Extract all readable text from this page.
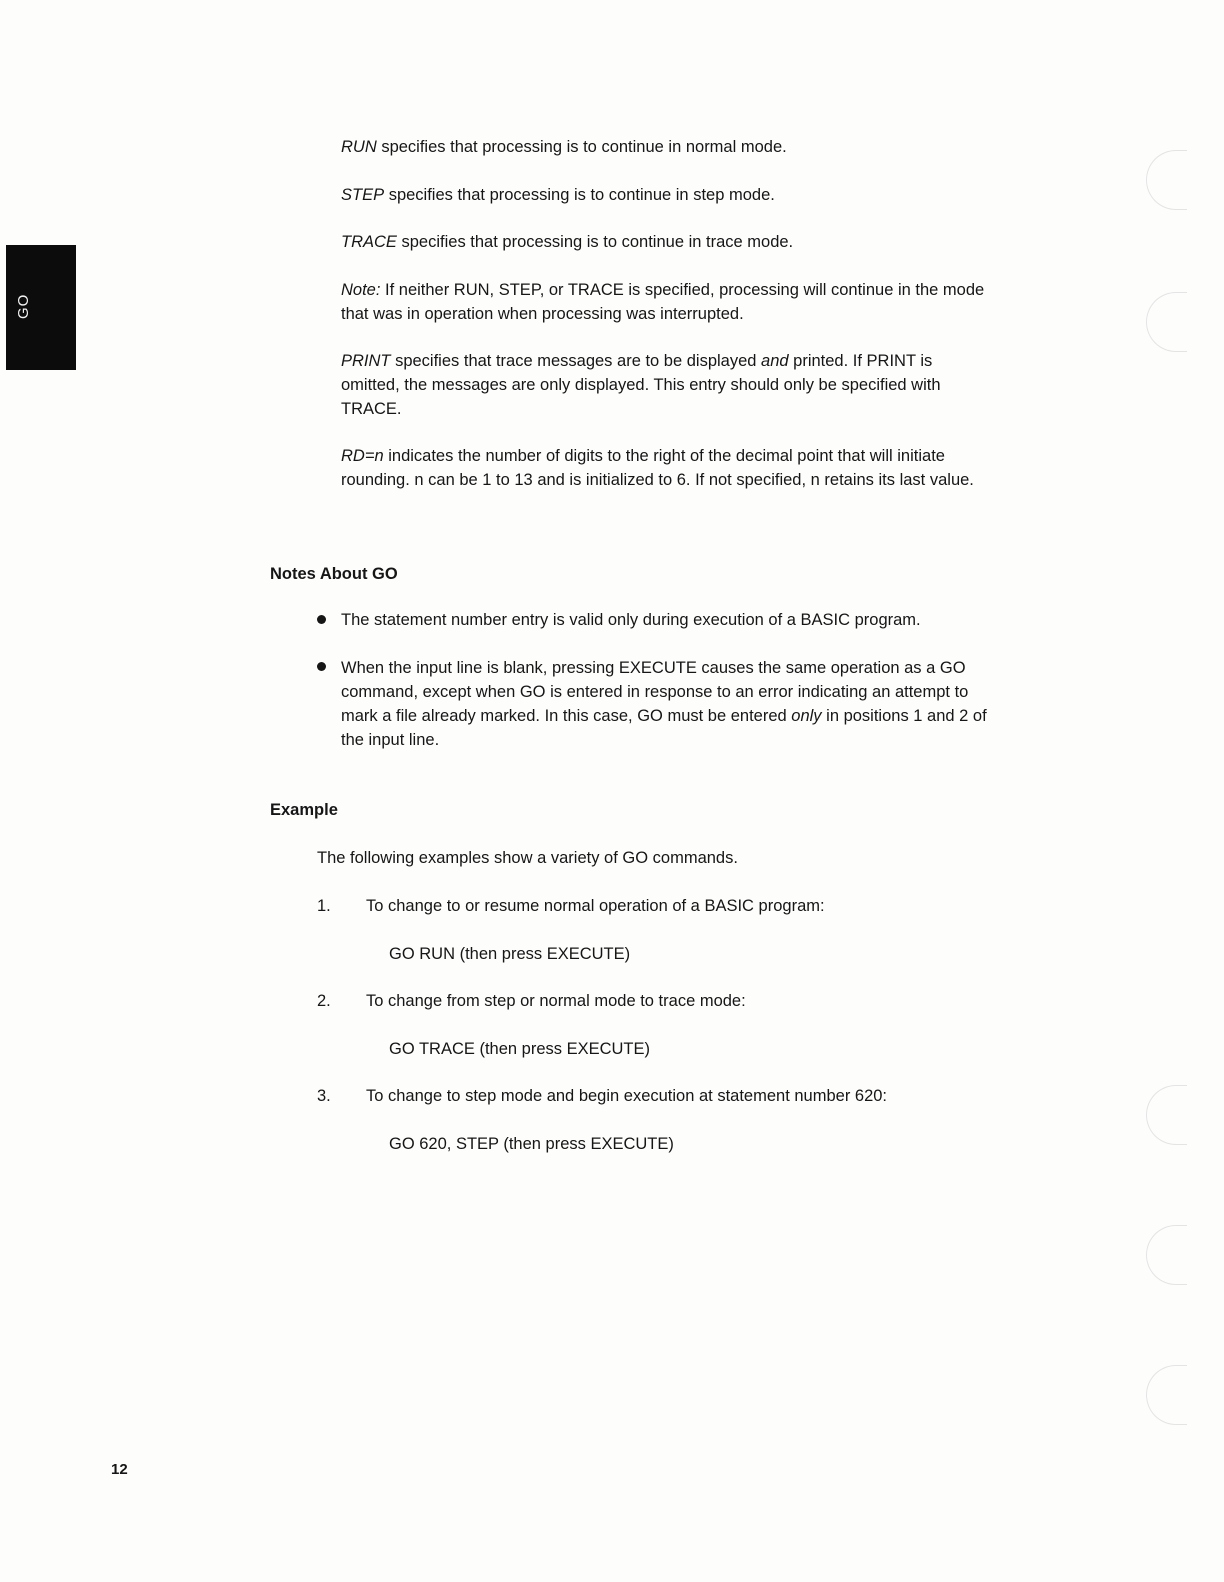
GO

RUN specifies that processing is to continue in normal mode.

STEP specifies that processing is to continue in step mode.

TRACE specifies that processing is to continue in trace mode.

Note: If neither RUN, STEP, or TRACE is specified, processing will continue in the mode that was in operation when processing was interrupted.

PRINT specifies that trace messages are to be displayed and printed. If PRINT is omitted, the messages are only displayed. This entry should only be specified with TRACE.

RD=n indicates the number of digits to the right of the decimal point that will initiate rounding. n can be 1 to 13 and is initialized to 6. If not specified, n retains its last value.

Notes About GO

The statement number entry is valid only during execution of a BASIC program.

When the input line is blank, pressing EXECUTE causes the same operation as a GO command, except when GO is entered in response to an error indicating an attempt to mark a file already marked. In this case, GO must be entered only in positions 1 and 2 of the input line.

Example
The following examples show a variety of GO commands.
1. To change to or resume normal operation of a BASIC program:
GO RUN (then press EXECUTE)
2. To change from step or normal mode to trace mode:
GO TRACE (then press EXECUTE)
3. To change to step mode and begin execution at statement number 620:
GO 620, STEP (then press EXECUTE)
12
